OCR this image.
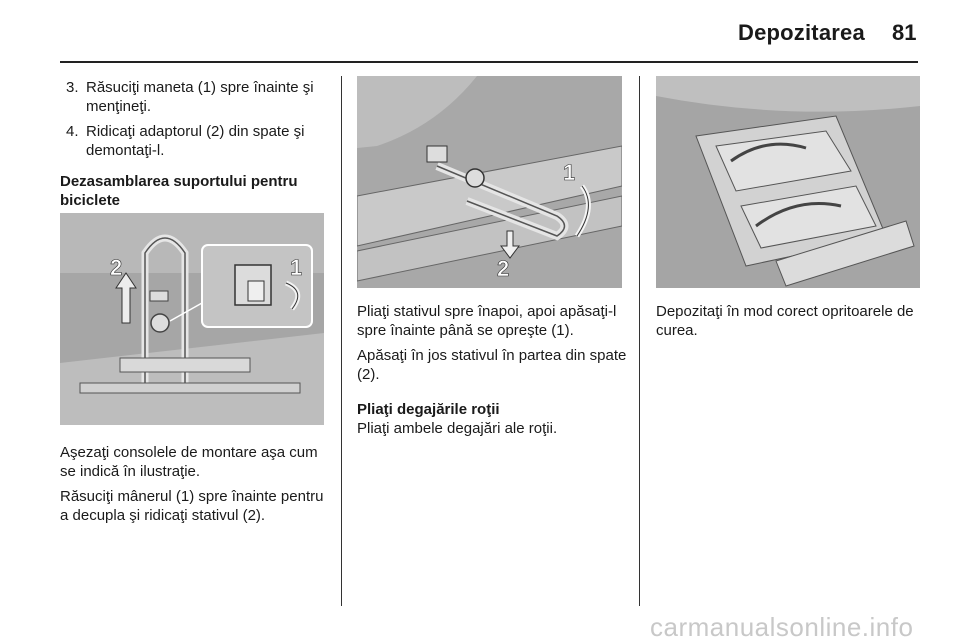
Depozitarea 81
3. Răsuciţi maneta (1) spre înainte şi menţineţi.
4. Ridicaţi adaptorul (2) din spate şi demontaţi-l.
Dezasamblarea suportului pentru biciclete
2	1

Aşezaţi consolele de montare aşa cum se indică în ilustraţie.

Răsuciţi mânerul (1) spre înainte pentru a decupla şi ridicaţi stativul (2).

1
2

Pliaţi stativul spre înapoi, apoi apăsaţi-l spre înainte până se opreşte (1).

Apăsaţi în jos stativul în partea din spate (2).

Pliaţi degajările roţii

Pliaţi ambele degajări ale roţii.

Depozitaţi în mod corect opritoarele de curea.

carmanualsonline.info
